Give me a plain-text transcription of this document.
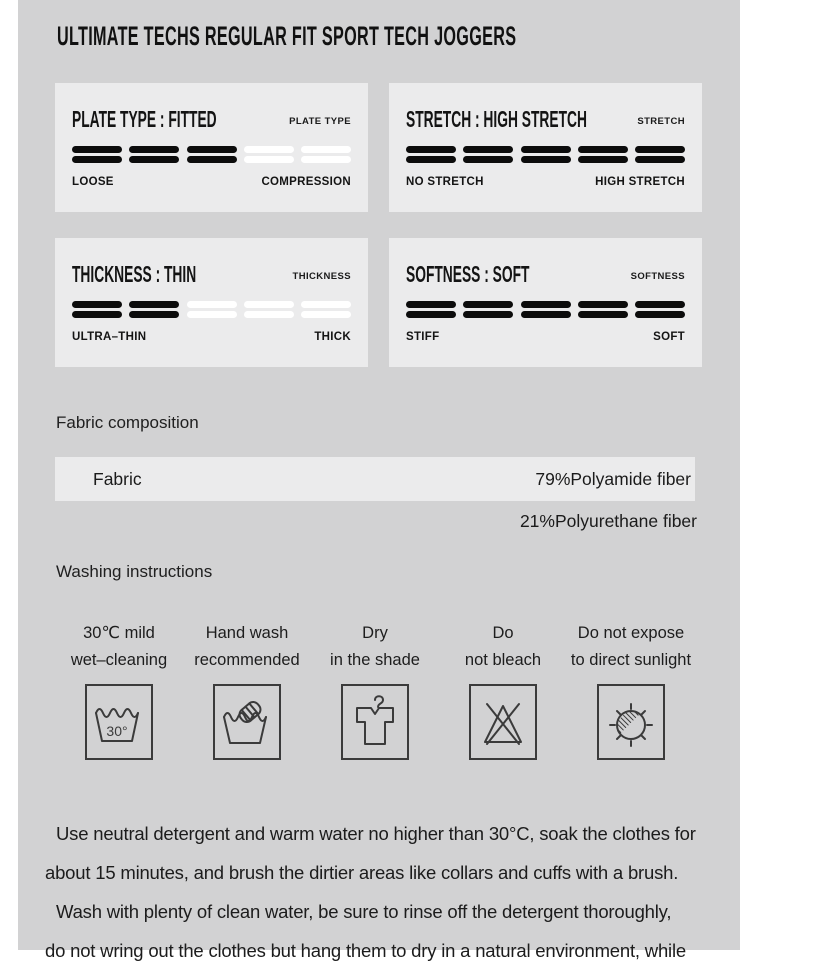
ULTIMATE TECHS REGULAR FIT SPORT TECH JOGGERS
PLATE TYPE : FITTED	PLATE TYPE
LOOSE	COMPRESSION
STRETCH : HIGH STRETCH	STRETCH
NO STRETCH	HIGH STRETCH
THICKNESS : THIN	THICKNESS
ULTRA–THIN	THICK
SOFTNESS : SOFT	SOFTNESS
STIFF	SOFT
Fabric composition
Fabric	79%Polyamide fiber
21%Polyurethane fiber
Washing instructions
30℃ mild
wet–cleaning
Hand wash
recommended
Dry
in the shade
Do
not bleach
Do not expose
to direct sunlight
30°
Use neutral detergent and warm water no higher than 30°C, soak the clothes for
about 15 minutes, and brush the dirtier areas like collars and cuffs with a brush.
Wash with plenty of clean water, be sure to rinse off the detergent thoroughly,
do not wring out the clothes but hang them to dry in a natural environment, while
